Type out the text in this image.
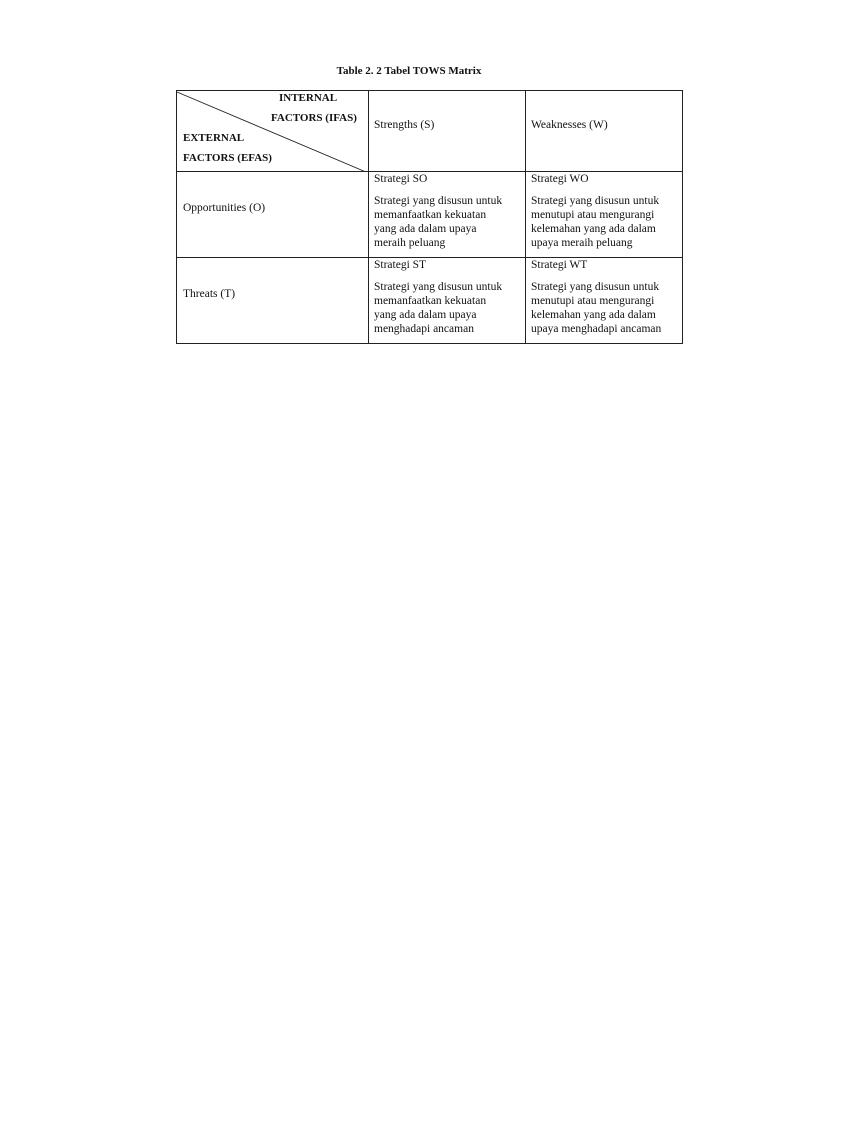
Table 2. 2 Tabel TOWS Matrix
INTERNAL
FACTORS (IFAS)
EXTERNAL
FACTORS (EFAS)
Strengths (S)	Weaknesses (W)
Opportunities (O)
Strategi SO
Strategi yang disusun untuk
memanfaatkan kekuatan
yang ada dalam upaya
meraih peluang
Strategi WO
Strategi yang disusun untuk
menutupi atau mengurangi
kelemahan yang ada dalam
upaya meraih peluang
Threats (T)
Strategi ST
Strategi yang disusun untuk
memanfaatkan kekuatan
yang ada dalam upaya
menghadapi ancaman
Strategi WT
Strategi yang disusun untuk
menutupi atau mengurangi
kelemahan yang ada dalam
upaya menghadapi ancaman
